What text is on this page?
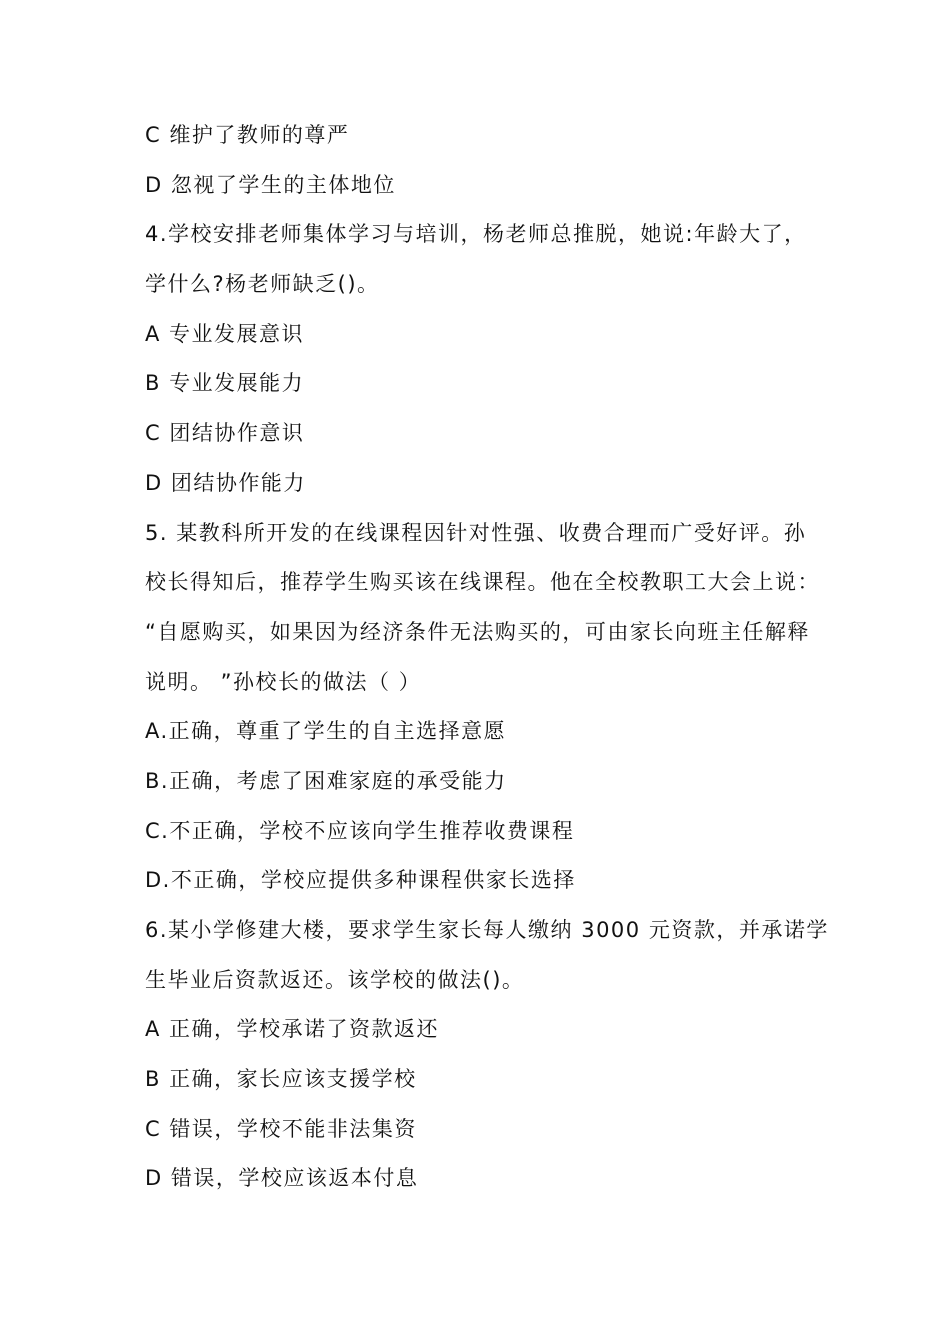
C 维护了教师的尊严
D 忽视了学生的主体地位
4.学校安排老师集体学习与培训，杨老师总推脱，她说:年龄大了，
学什么?杨老师缺乏()。
A 专业发展意识
B 专业发展能力
C 团结协作意识
D 团结协作能力
5. 某教科所开发的在线课程因针对性强、收费合理而广受好评。孙
校长得知后，推荐学生购买该在线课程。他在全校教职工大会上说：
“自愿购买，如果因为经济条件无法购买的，可由家长向班主任解释
说明。 ”孙校长的做法（ ）
A.正确，尊重了学生的自主选择意愿
B.正确，考虑了困难家庭的承受能力
C.不正确，学校不应该向学生推荐收费课程
D.不正确，学校应提供多种课程供家长选择
6.某小学修建大楼，要求学生家长每人缴纳 3000 元资款，并承诺学
生毕业后资款返还。该学校的做法()。
A 正确，学校承诺了资款返还
B 正确，家长应该支援学校
C 错误，学校不能非法集资
D 错误，学校应该返本付息
